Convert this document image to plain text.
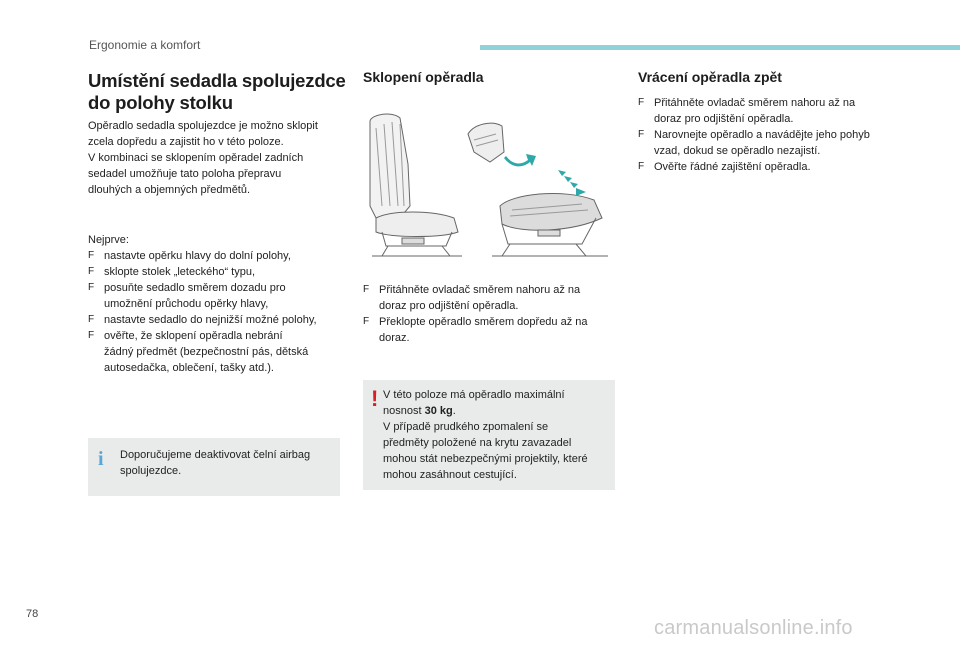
Ergonomie a komfort
Umístění sedadla spolujezdce
do polohy stolku
Opěradlo sedadla spolujezdce je možno sklopit
zcela dopředu a zajistit ho v této poloze.
V kombinaci se sklopením opěradel zadních
sedadel umožňuje tato poloha přepravu
dlouhých a objemných předmětů.
Nejprve:
F nastavte opěrku hlavy do dolní polohy,
F sklopte stolek „leteckého“ typu,
F posuňte sedadlo směrem dozadu pro
umožnění průchodu opěrky hlavy,
F nastavte sedadlo do nejnižší možné polohy,
F ověřte, že sklopení opěradla nebrání
žádný předmět (bezpečnostní pás, dětská
autosedačka, oblečení, tašky atd.).
i Doporučujeme deaktivovat čelní airbag
spolujezdce.
Sklopení opěradla
F Přitáhněte ovladač směrem nahoru až na
doraz pro odjištění opěradla.
F Překlopte opěradlo směrem dopředu až na
doraz.
! V této poloze má opěradlo maximální
nosnost 30 kg.
V případě prudkého zpomalení se
předměty položené na krytu zavazadel
mohou stát nebezpečnými projektily, které
mohou zasáhnout cestující.
Vrácení opěradla zpět
F Přitáhněte ovladač směrem nahoru až na
doraz pro odjištění opěradla.
F Narovnejte opěradlo a navádějte jeho pohyb
vzad, dokud se opěradlo nezajistí.
F Ověřte řádné zajištění opěradla.
78
carmanualsonline.info
